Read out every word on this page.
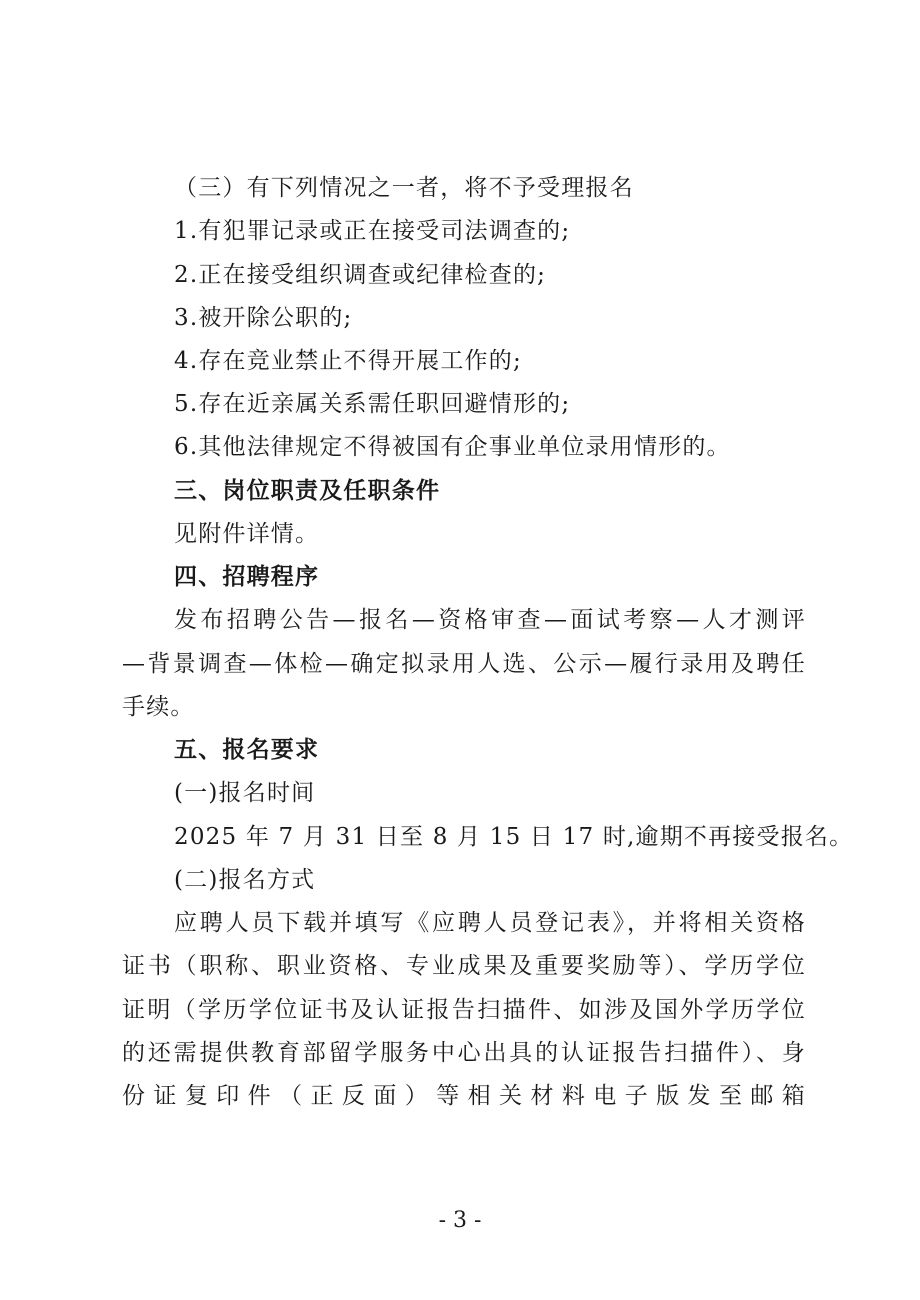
（三）有下列情况之一者，将不予受理报名
1.有犯罪记录或正在接受司法调查的;
2.正在接受组织调查或纪律检查的;
3.被开除公职的;
4.存在竞业禁止不得开展工作的;
5.存在近亲属关系需任职回避情形的;
6.其他法律规定不得被国有企事业单位录用情形的。
三、岗位职责及任职条件
见附件详情。
四、招聘程序
发布招聘公告—报名—资格审查—面试考察—人才测评
—背景调查—体检—确定拟录用人选、公示—履行录用及聘任
手续。
五、报名要求
(一)报名时间
2025 年 7 月 31 日至 8 月 15 日 17 时,逾期不再接受报名。
(二)报名方式
应聘人员下载并填写《应聘人员登记表》，并将相关资格
证书（职称、职业资格、专业成果及重要奖励等）、学历学位
证明（学历学位证书及认证报告扫描件、如涉及国外学历学位
的还需提供教育部留学服务中心出具的认证报告扫描件）、身
份证复印件（正反面）等相关材料电子版发至邮箱
- 3 -
